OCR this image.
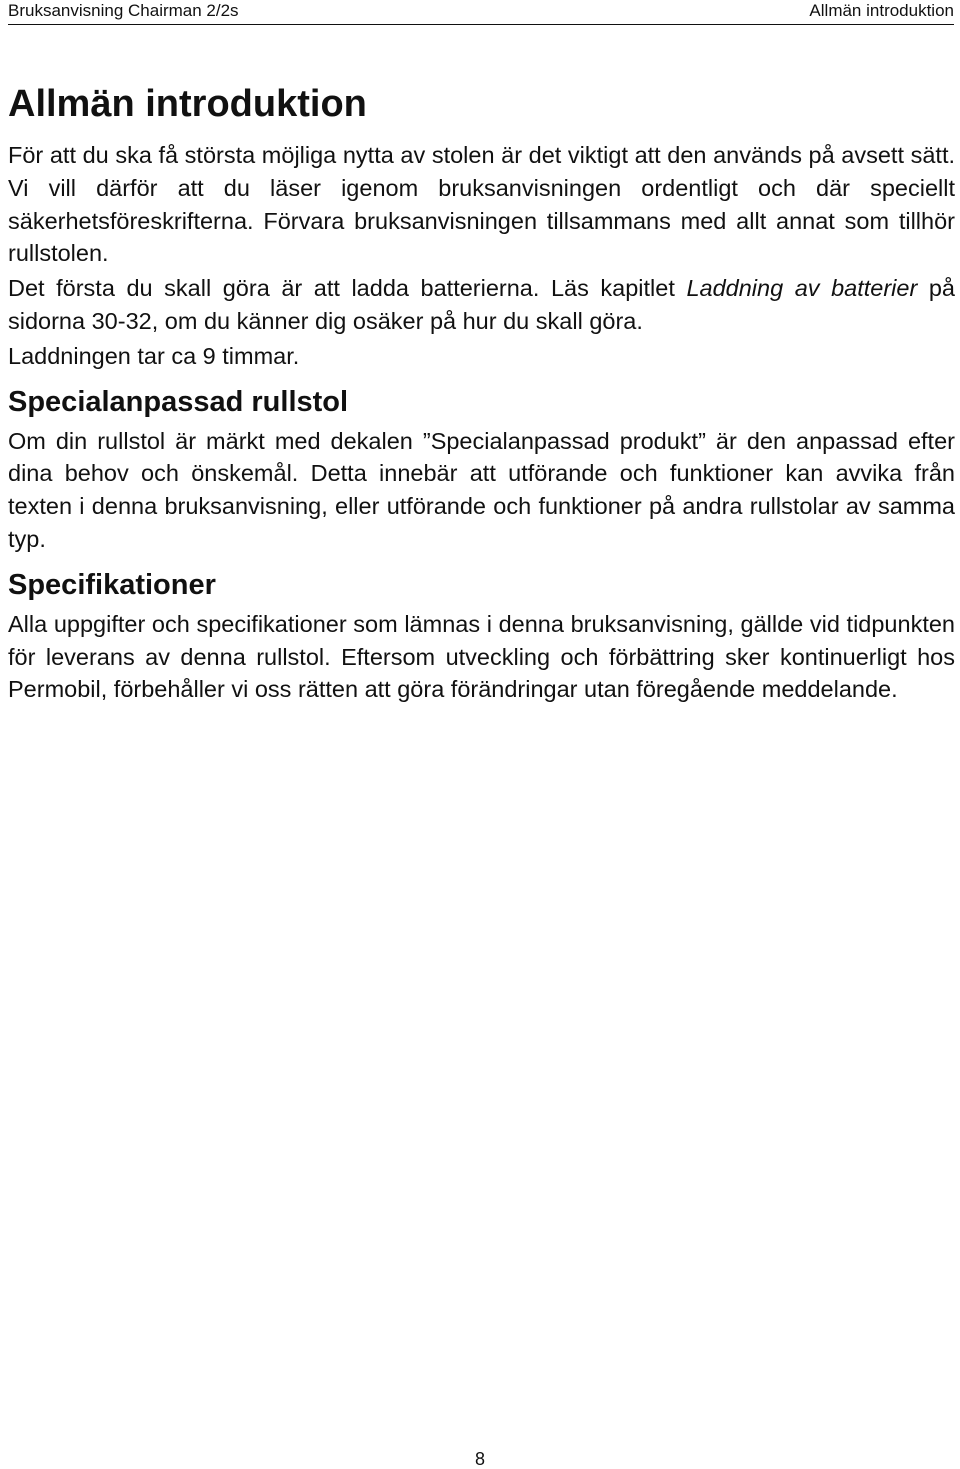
Bruksanvisning Chairman 2/2s	Allmän introduktion
Allmän introduktion

För att du ska få största möjliga nytta av stolen är det viktigt att den används på avsett sätt. Vi vill därför att du läser igenom bruksanvisningen ordentligt och där speciellt säkerhetsföreskrifterna. Förvara bruksanvisningen tillsammans med allt annat som tillhör rullstolen.

Det första du skall göra är att ladda batterierna. Läs kapitlet Laddning av batterier på sidorna 30-32, om du känner dig osäker på hur du skall göra.

Laddningen tar ca 9 timmar.

Specialanpassad rullstol

Om din rullstol är märkt med dekalen ”Specialanpassad produkt” är den anpassad efter dina behov och önskemål. Detta innebär att utförande och funktioner kan avvika från texten i denna bruksanvisning, eller utförande och funktioner på andra rullstolar av samma typ.

Specifikationer

Alla uppgifter och specifikationer som lämnas i denna bruksanvisning, gällde vid tidpunkten för leverans av denna rullstol. Eftersom utveckling och förbättring sker kontinuerligt hos Permobil, förbehåller vi oss rätten att göra förändringar utan föregående meddelande.

8
